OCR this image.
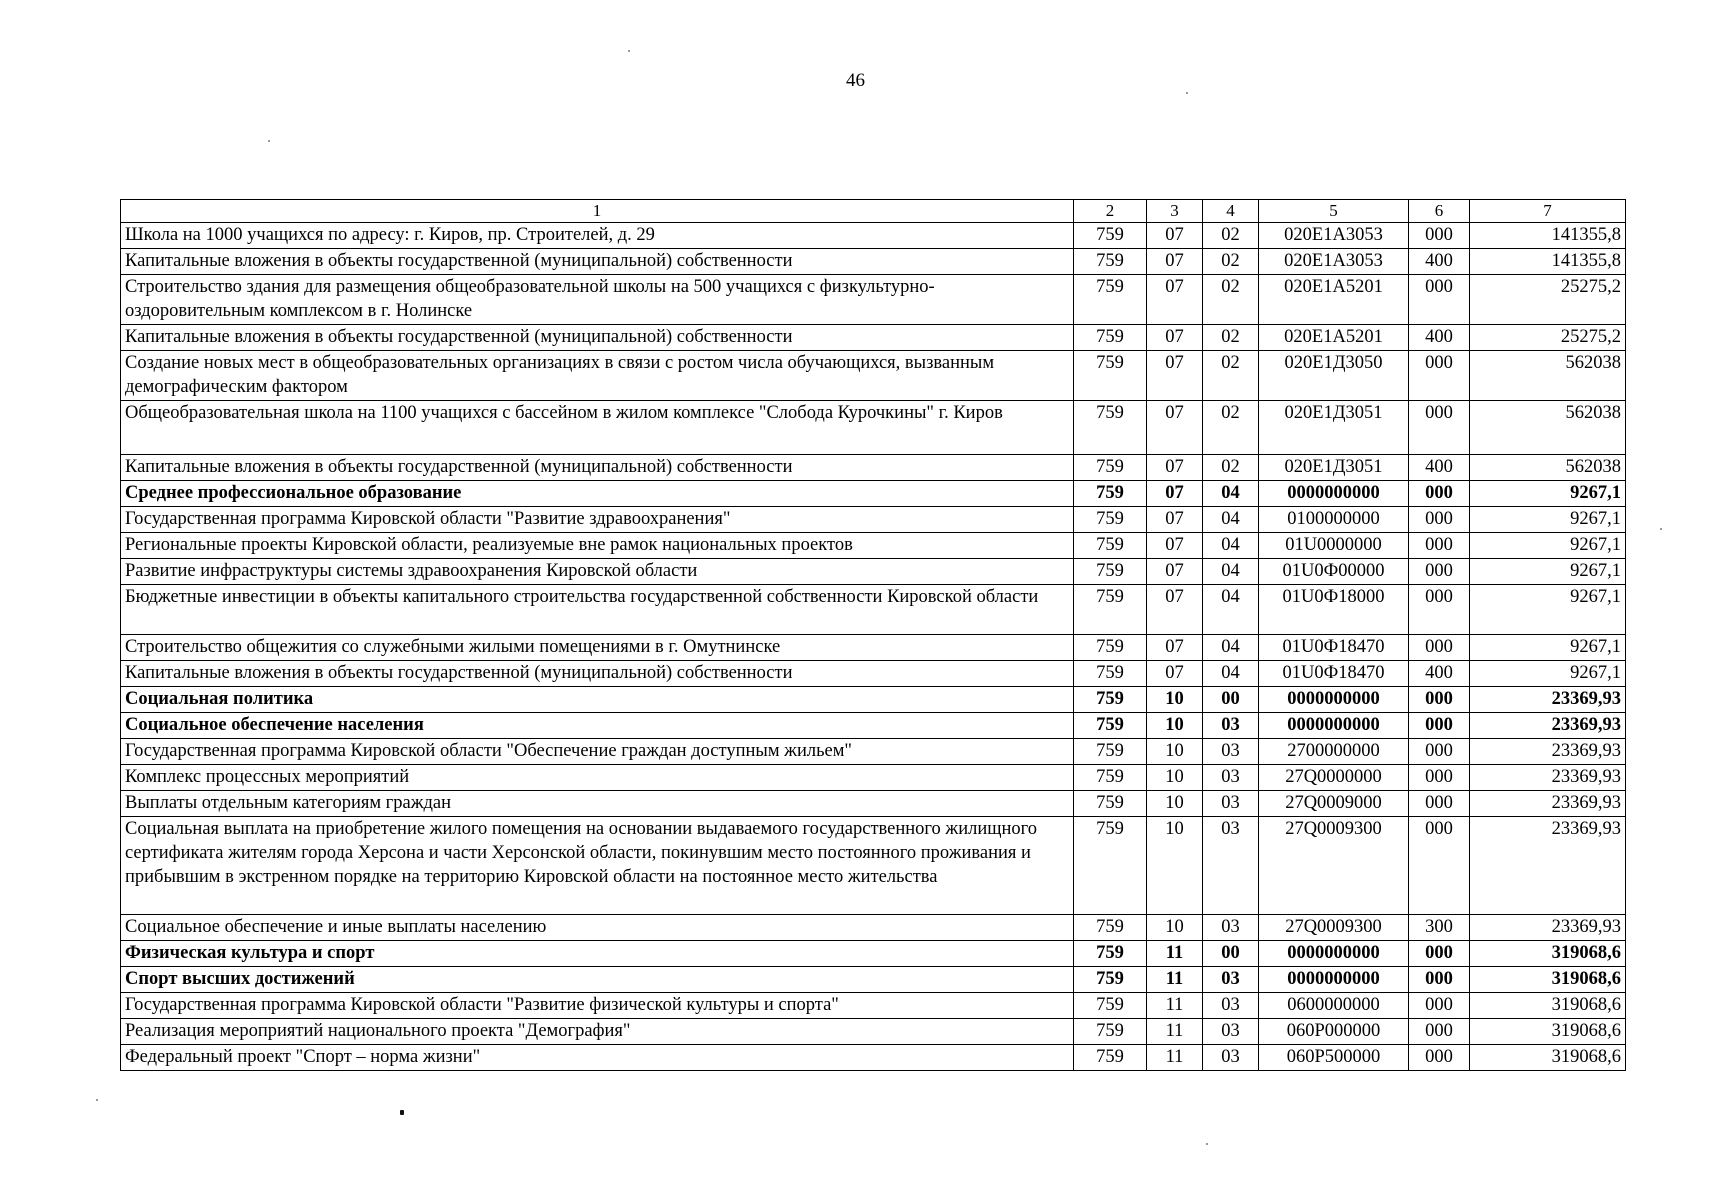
46
1	2	3	4	5	6	7
Школа на 1000 учащихся по адресу: г. Киров, пр. Строителей, д. 29	759	07	02	020E1A3053	000	141355,8
Капитальные вложения в объекты государственной (муниципальной) собственности	759	07	02	020E1A3053	400	141355,8
Строительство здания для размещения общеобразовательной школы на 500 учащихся с физкультурно-оздоровительным комплексом в г. Нолинске	759	07	02	020E1A5201	000	25275,2
Капитальные вложения в объекты государственной (муниципальной) собственности	759	07	02	020E1A5201	400	25275,2
Создание новых мест в общеобразовательных организациях в связи с ростом числа обучающихся, вызванным демографическим фактором	759	07	02	020E1Д3050	000	562038
Общеобразовательная школа на 1100 учащихся с бассейном в жилом комплексе "Слобода Курочкины" г. Киров	759	07	02	020E1Д3051	000	562038
Капитальные вложения в объекты государственной (муниципальной) собственности	759	07	02	020E1Д3051	400	562038
Среднее профессиональное образование	759	07	04	0000000000	000	9267,1
Государственная программа Кировской области "Развитие здравоохранения"	759	07	04	0100000000	000	9267,1
Региональные проекты Кировской области, реализуемые вне рамок национальных проектов	759	07	04	01U0000000	000	9267,1
Развитие инфраструктуры системы здравоохранения Кировской области	759	07	04	01U0Ф00000	000	9267,1
Бюджетные инвестиции в объекты капитального строительства государственной собственности Кировской области	759	07	04	01U0Ф18000	000	9267,1
Строительство общежития со служебными жилыми помещениями в г. Омутнинске	759	07	04	01U0Ф18470	000	9267,1
Капитальные вложения в объекты государственной (муниципальной) собственности	759	07	04	01U0Ф18470	400	9267,1
Социальная политика	759	10	00	0000000000	000	23369,93
Социальное обеспечение населения	759	10	03	0000000000	000	23369,93
Государственная программа Кировской области "Обеспечение граждан доступным жильем"	759	10	03	2700000000	000	23369,93
Комплекс процессных мероприятий	759	10	03	27Q0000000	000	23369,93
Выплаты отдельным категориям граждан	759	10	03	27Q0009000	000	23369,93
Социальная выплата на приобретение жилого помещения на основании выдаваемого государственного жилищного сертификата жителям города Херсона и части Херсонской области, покинувшим место постоянного проживания и прибывшим в экстренном порядке на территорию Кировской области на постоянное место жительства	759	10	03	27Q0009300	000	23369,93
Социальное обеспечение и иные выплаты населению	759	10	03	27Q0009300	300	23369,93
Физическая культура и спорт	759	11	00	0000000000	000	319068,6
Спорт высших достижений	759	11	03	0000000000	000	319068,6
Государственная программа Кировской области "Развитие физической культуры и спорта"	759	11	03	0600000000	000	319068,6
Реализация мероприятий национального проекта "Демография"	759	11	03	060P000000	000	319068,6
Федеральный проект "Спорт – норма жизни"	759	11	03	060P500000	000	319068,6
